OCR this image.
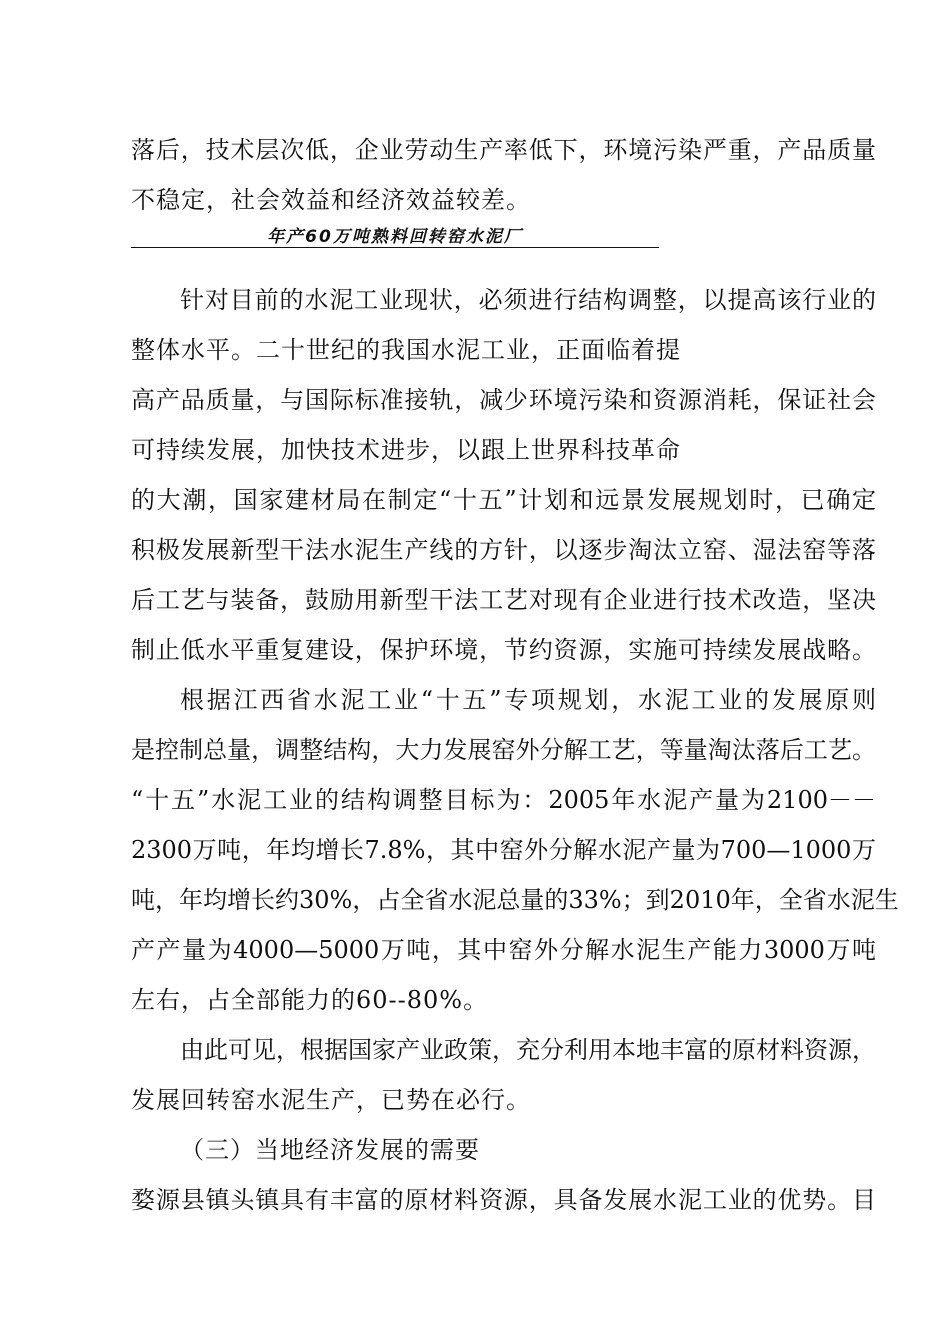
落后，技术层次低，企业劳动生产率低下，环境污染严重，产品质量
不稳定，社会效益和经济效益较差。
年产60万吨熟料回转窑水泥厂
针对目前的水泥工业现状，必须进行结构调整，以提高该行业的
整体水平。二十世纪的我国水泥工业，正面临着提
高产品质量，与国际标准接轨，减少环境污染和资源消耗，保证社会
可持续发展，加快技术进步，以跟上世界科技革命
的大潮，国家建材局在制定“十五”计划和远景发展规划时，已确定
积极发展新型干法水泥生产线的方针，以逐步淘汰立窑、湿法窑等落
后工艺与装备，鼓励用新型干法工艺对现有企业进行技术改造，坚决
制止低水平重复建设，保护环境，节约资源，实施可持续发展战略。
根据江西省水泥工业“十五”专项规划，水泥工业的发展原则
是控制总量，调整结构，大力发展窑外分解工艺，等量淘汰落后工艺。
“十五”水泥工业的结构调整目标为：2005年水泥产量为2100－－
2300万吨，年均增长7.8%，其中窑外分解水泥产量为700—1000万
吨，年均增长约30%，占全省水泥总量的33%；到2010年，全省水泥生
产产量为4000—5000万吨，其中窑外分解水泥生产能力3000万吨
左右，占全部能力的60--80%。
由此可见，根据国家产业政策，充分利用本地丰富的原材料资源，
发展回转窑水泥生产，已势在必行。
（三）当地经济发展的需要
婺源县镇头镇具有丰富的原材料资源，具备发展水泥工业的优势。目
